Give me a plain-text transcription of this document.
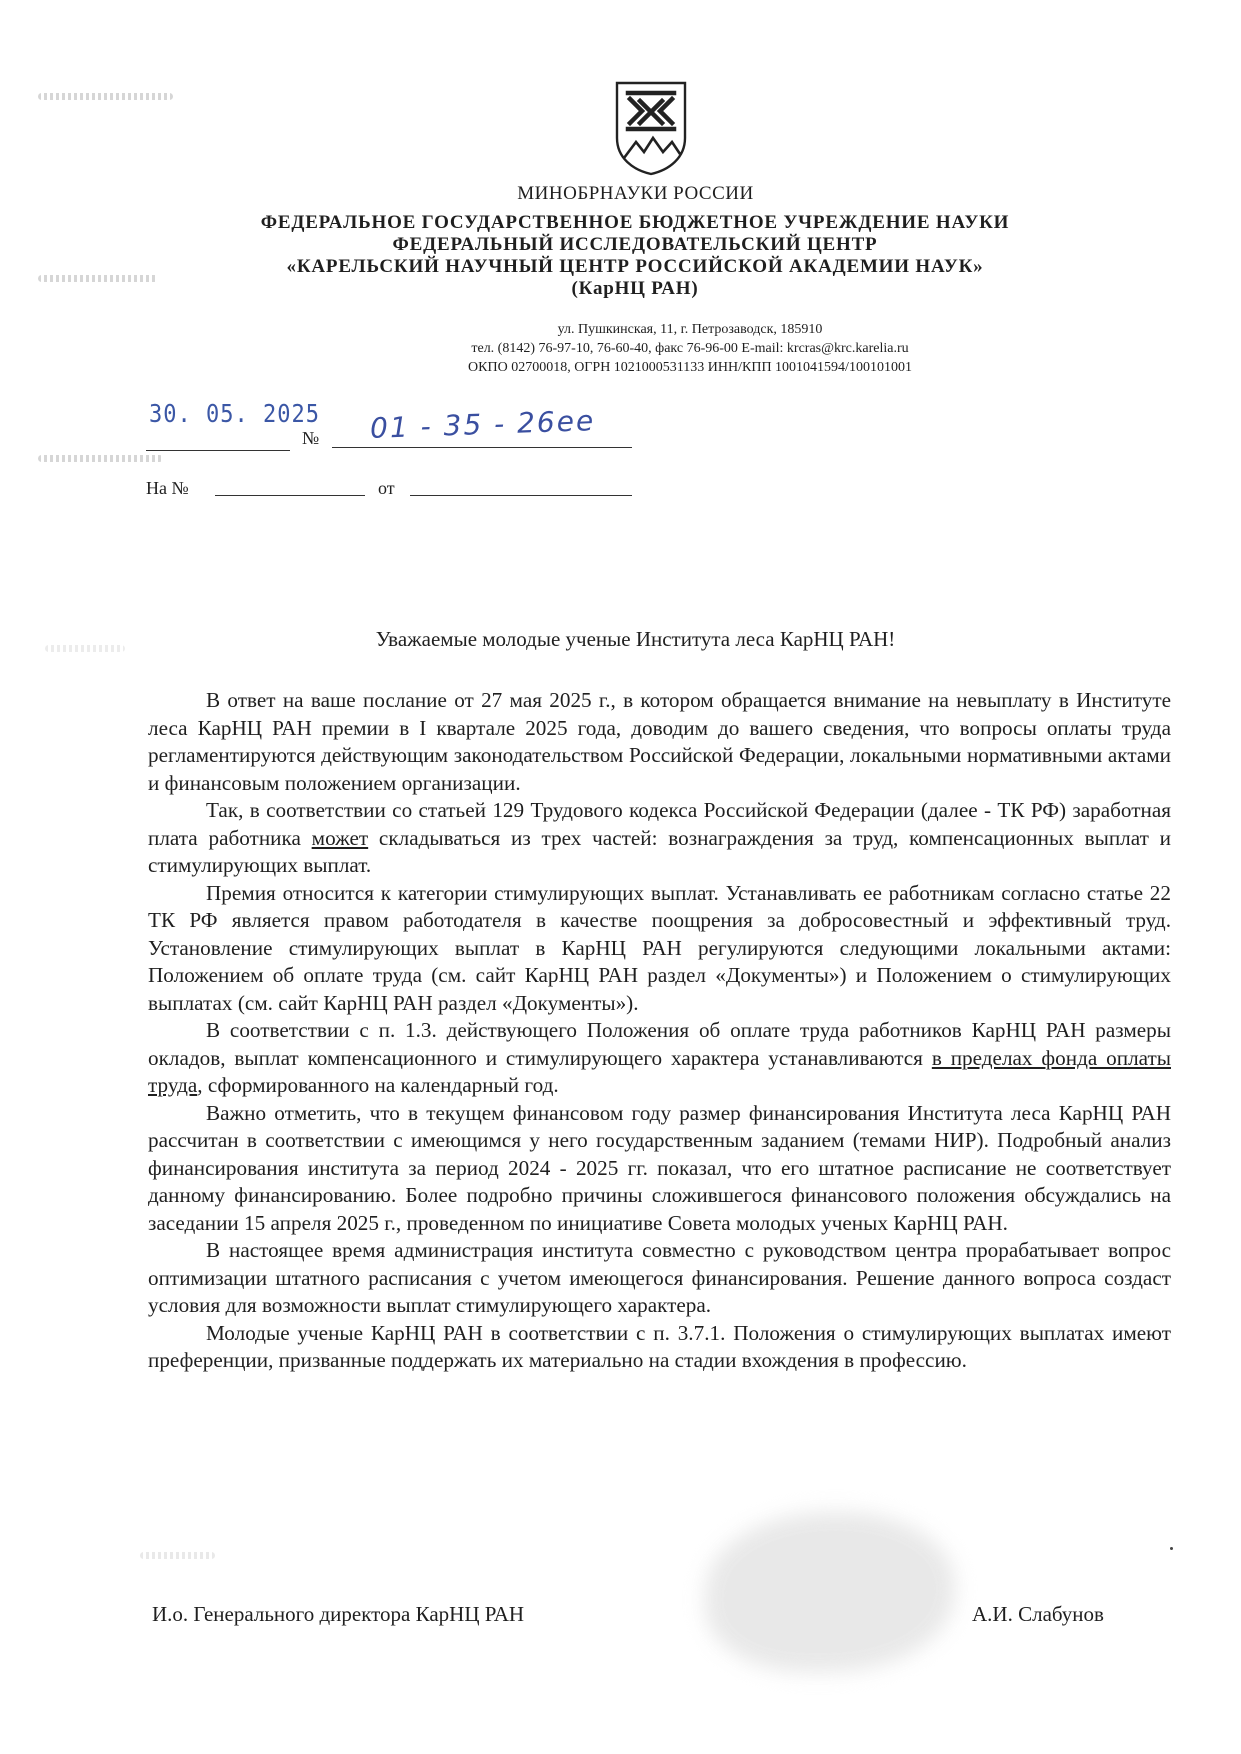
МИНОБРНАУКИ РОССИИ
ФЕДЕРАЛЬНОЕ ГОСУДАРСТВЕННОЕ БЮДЖЕТНОЕ УЧРЕЖДЕНИЕ НАУКИ
ФЕДЕРАЛЬНЫЙ ИССЛЕДОВАТЕЛЬСКИЙ ЦЕНТР
«КАРЕЛЬСКИЙ НАУЧНЫЙ ЦЕНТР РОССИЙСКОЙ АКАДЕМИИ НАУК»
(КарНЦ РАН)
ул. Пушкинская, 11, г. Петрозаводск, 185910
тел. (8142) 76-97-10, 76-60-40, факс 76-96-00 E-mail: krcras@krc.karelia.ru
ОКПО 02700018, ОГРН 1021000531133 ИНН/КПП 1001041594/100101001
30. 05. 2025
№ 01 - 35 - 26ee
На №	от
Уважаемые молодые ученые Института леса КарНЦ РАН!

В ответ на ваше послание от 27 мая 2025 г., в котором обращается внимание на невыплату в Институте леса КарНЦ РАН премии в I квартале 2025 года, доводим до вашего сведения, что вопросы оплаты труда регламентируются действующим законодательством Российской Федерации, локальными нормативными актами и финансовым положением организации.

Так, в соответствии со статьей 129 Трудового кодекса Российской Федерации (далее - ТК РФ) заработная плата работника может складываться из трех частей: вознаграждения за труд, компенсационных выплат и стимулирующих выплат.

Премия относится к категории стимулирующих выплат. Устанавливать ее работникам согласно статье 22 ТК РФ является правом работодателя в качестве поощрения за добросовестный и эффективный труд. Установление стимулирующих выплат в КарНЦ РАН регулируются следующими локальными актами: Положением об оплате труда (см. сайт КарНЦ РАН раздел «Документы») и Положением о стимулирующих выплатах (см. сайт КарНЦ РАН раздел «Документы»).

В соответствии с п. 1.3. действующего Положения об оплате труда работников КарНЦ РАН размеры окладов, выплат компенсационного и стимулирующего характера устанавливаются в пределах фонда оплаты труда, сформированного на календарный год.

Важно отметить, что в текущем финансовом году размер финансирования Института леса КарНЦ РАН рассчитан в соответствии с имеющимся у него государственным заданием (темами НИР). Подробный анализ финансирования института за период 2024 - 2025 гг. показал, что его штатное расписание не соответствует данному финансированию. Более подробно причины сложившегося финансового положения обсуждались на заседании 15 апреля 2025 г., проведенном по инициативе Совета молодых ученых КарНЦ РАН.

В настоящее время администрация института совместно с руководством центра прорабатывает вопрос оптимизации штатного расписания с учетом имеющегося финансирования. Решение данного вопроса создаст условия для возможности выплат стимулирующего характера.

Молодые ученые КарНЦ РАН в соответствии с п. 3.7.1. Положения о стимулирующих выплатах имеют преференции, призванные поддержать их материально на стадии вхождения в профессию.

И.о. Генерального директора КарНЦ РАН	А.И. Слабунов
